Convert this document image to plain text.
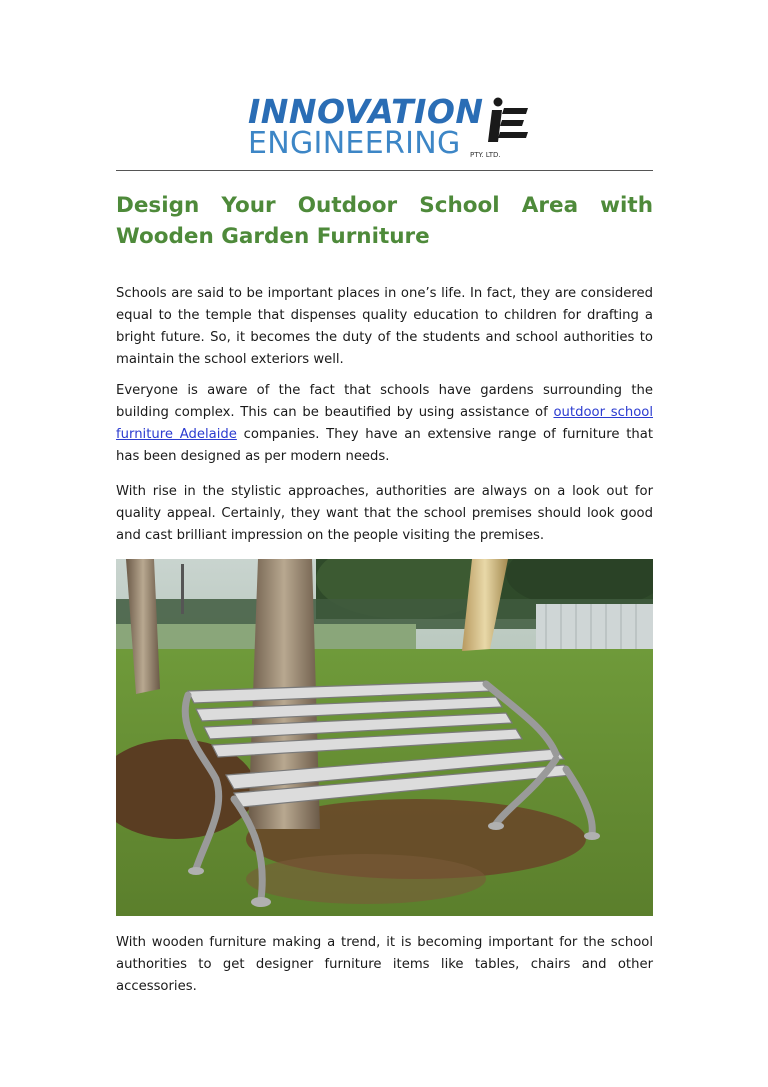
INNOVATION
ENGINEERING PTY. LTD.
Design Your Outdoor School Area with Wooden Garden Furniture

Schools are said to be important places in one’s life. In fact, they are considered equal to the temple that dispenses quality education to children for drafting a bright future. So, it becomes the duty of the students and school authorities to maintain the school exteriors well.

Everyone is aware of the fact that schools have gardens surrounding the building complex. This can be beautified by using assistance of outdoor school furniture Adelaide companies. They have an extensive range of furniture that has been designed as per modern needs.

With rise in the stylistic approaches, authorities are always on a look out for quality appeal. Certainly, they want that the school premises should look good and cast brilliant impression on the people visiting the premises.

With wooden furniture making a trend, it is becoming important for the school authorities to get designer furniture items like tables, chairs and other accessories.
